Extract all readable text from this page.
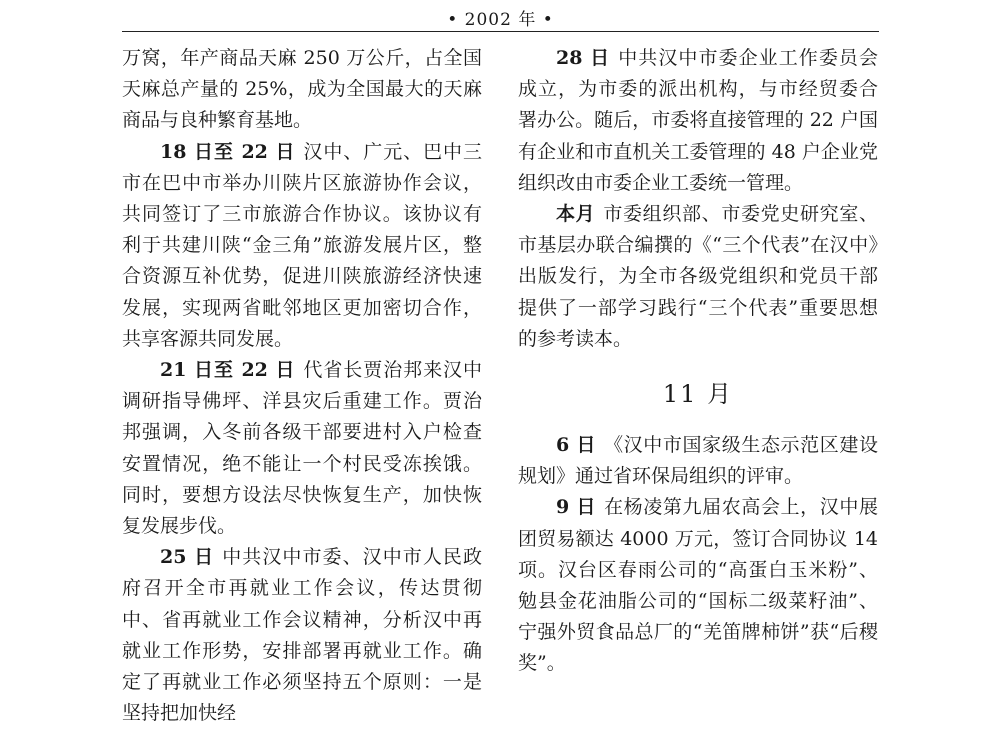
• 2002 年 •

万窝，年产商品天麻 250 万公斤，占全国天麻总产量的 25%，成为全国最大的天麻商品与良种繁育基地。

18 日至 22 日 汉中、广元、巴中三市在巴中市举办川陕片区旅游协作会议，共同签订了三市旅游合作协议。该协议有利于共建川陕“金三角”旅游发展片区，整合资源互补优势，促进川陕旅游经济快速发展，实现两省毗邻地区更加密切合作，共享客源共同发展。

21 日至 22 日 代省长贾治邦来汉中调研指导佛坪、洋县灾后重建工作。贾治邦强调，入冬前各级干部要进村入户检查安置情况，绝不能让一个村民受冻挨饿。同时，要想方设法尽快恢复生产，加快恢复发展步伐。

25 日 中共汉中市委、汉中市人民政府召开全市再就业工作会议，传达贯彻中、省再就业工作会议精神，分析汉中再就业工作形势，安排部署再就业工作。确定了再就业工作必须坚持五个原则：一是坚持把加快经

28 日 中共汉中市委企业工作委员会成立，为市委的派出机构，与市经贸委合署办公。随后，市委将直接管理的 22 户国有企业和市直机关工委管理的 48 户企业党组织改由市委企业工委统一管理。

本月 市委组织部、市委党史研究室、市基层办联合编撰的《“三个代表”在汉中》出版发行，为全市各级党组织和党员干部提供了一部学习践行“三个代表”重要思想的参考读本。

11 月

6 日 《汉中市国家级生态示范区建设规划》通过省环保局组织的评审。

9 日 在杨凌第九届农高会上，汉中展团贸易额达 4000 万元，签订合同协议 14 项。汉台区春雨公司的“高蛋白玉米粉”、勉县金花油脂公司的“国标二级菜籽油”、宁强外贸食品总厂的“羌笛牌柿饼”获“后稷奖”。
